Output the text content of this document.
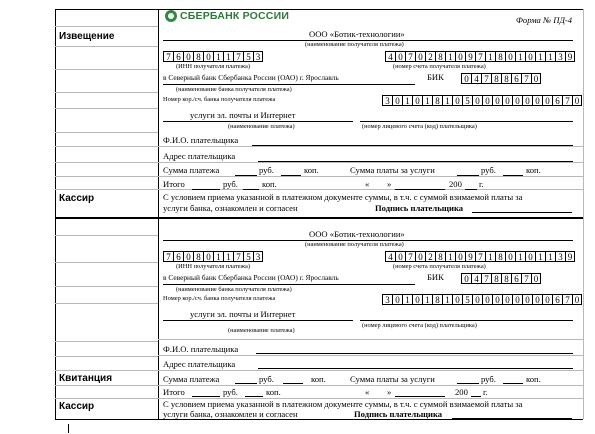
Извещение
Кассир
Квитанция
Кассир
СБЕРБАНК РОССИИ	Форма № ПД-4
ООО «Ботик-технологии»
(наименование получателя платежа)
7 6 0 8 0 1 1 7 5 3	4 0 7 0 2 8 1 0 9 7 1 8 0 1 0 1 1 3 9
(ИНН получателя платежа)	(номер счета получателя платежа)
в Северный банк Сбербанка России (ОАО) г. Ярославль	БИК	0 4 7 8 8 6 7 0
(наименование банка получателя платежа)
Номер кор./сч. банка получателя платежа	3 0 1 0 1 8 1 0 5 0 0 0 0 0 0 0 0 6 7 0
услуги эл. почты и Интернет
(наименование платежа)	(номер лицевого счета (код) плательщика)
Ф.И.О. плательщика
Адрес плательщика
Сумма платежа	руб.	коп.	Сумма платы за услуги	руб.	коп.
Итого	руб.	коп.	« »	200 г.
С условием приема указанной в платежном документе суммы, в т.ч. с суммой взимаемой платы за
услуги банка, ознакомлен и согласен	Подпись плательщика
ООО «Ботик-технологии»
(наименование получателя платежа)
7 6 0 8 0 1 1 7 5 3	4 0 7 0 2 8 1 0 9 7 1 8 0 1 0 1 1 3 9
(ИНН получателя платежа)	(номер счета получателя платежа)
в Северный банк Сбербанка России (ОАО) г. Ярославль	БИК	0 4 7 8 8 6 7 0
(наименование банка получателя платежа)
Номер кор./сч. банка получателя платежа	3 0 1 0 1 8 1 0 5 0 0 0 0 0 0 0 0 6 7 0
услуги эл. почты и Интернет
(наименование платежа)
(номер лицевого счета (код) плательщика)
Ф.И.О. плательщика
Адрес плательщика
Сумма платежа	руб.	коп.	Сумма платы за услуги	руб.	коп.
Итого	руб.	коп.	« »	200 г.
С условием приема указанной в платежном документе суммы, в т.ч. с суммой взимаемой платы за
услуги банка, ознакомлен и согласен	Подпись плательщика
